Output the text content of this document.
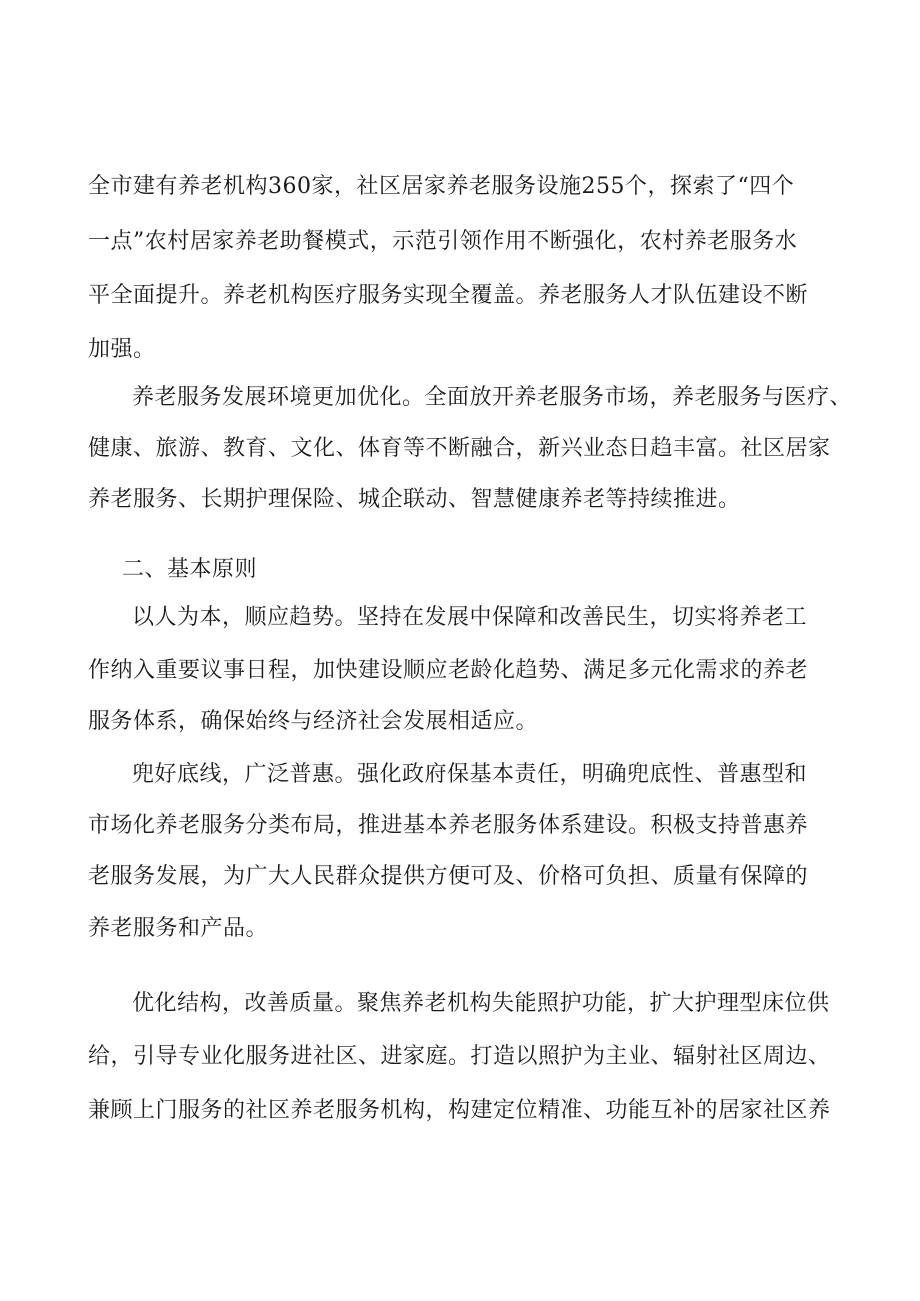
全市建有养老机构360家，社区居家养老服务设施255个，探索了“四个
一点”农村居家养老助餐模式，示范引领作用不断强化，农村养老服务水
平全面提升。养老机构医疗服务实现全覆盖。养老服务人才队伍建设不断
加强。
养老服务发展环境更加优化。全面放开养老服务市场，养老服务与医疗、
健康、旅游、教育、文化、体育等不断融合，新兴业态日趋丰富。社区居家
养老服务、长期护理保险、城企联动、智慧健康养老等持续推进。
二、基本原则
以人为本，顺应趋势。坚持在发展中保障和改善民生，切实将养老工
作纳入重要议事日程，加快建设顺应老龄化趋势、满足多元化需求的养老
服务体系，确保始终与经济社会发展相适应。
兜好底线，广泛普惠。强化政府保基本责任，明确兜底性、普惠型和
市场化养老服务分类布局，推进基本养老服务体系建设。积极支持普惠养
老服务发展，为广大人民群众提供方便可及、价格可负担、质量有保障的
养老服务和产品。
优化结构，改善质量。聚焦养老机构失能照护功能，扩大护理型床位供
给，引导专业化服务进社区、进家庭。打造以照护为主业、辐射社区周边、
兼顾上门服务的社区养老服务机构，构建定位精准、功能互补的居家社区养
